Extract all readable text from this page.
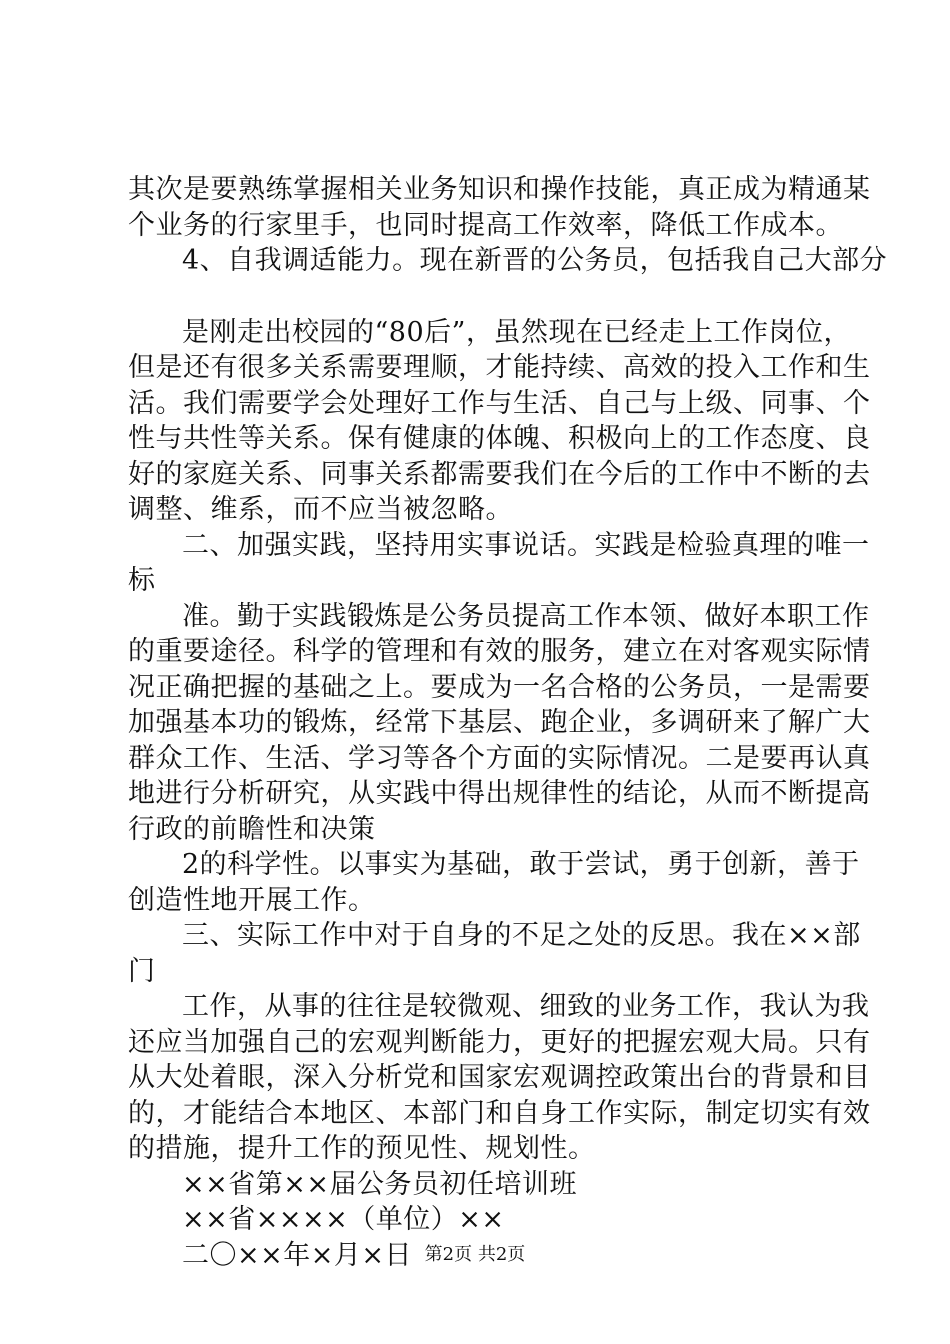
其次是要熟练掌握相关业务知识和操作技能，真正成为精通某
个业务的行家里手，也同时提高工作效率，降低工作成本。
4、自我调适能力。现在新晋的公务员，包括我自己大部分
是刚走出校园的“80后”，虽然现在已经走上工作岗位，
但是还有很多关系需要理顺，才能持续、高效的投入工作和生
活。我们需要学会处理好工作与生活、自己与上级、同事、个
性与共性等关系。保有健康的体魄、积极向上的工作态度、良
好的家庭关系、同事关系都需要我们在今后的工作中不断的去
调整、维系，而不应当被忽略。
二、加强实践，坚持用实事说话。实践是检验真理的唯一
标
准。勤于实践锻炼是公务员提高工作本领、做好本职工作
的重要途径。科学的管理和有效的服务，建立在对客观实际情
况正确把握的基础之上。要成为一名合格的公务员，一是需要
加强基本功的锻炼，经常下基层、跑企业，多调研来了解广大
群众工作、生活、学习等各个方面的实际情况。二是要再认真
地进行分析研究，从实践中得出规律性的结论，从而不断提高
行政的前瞻性和决策
2的科学性。以事实为基础，敢于尝试，勇于创新，善于
创造性地开展工作。
三、实际工作中对于自身的不足之处的反思。我在××部
门
工作，从事的往往是较微观、细致的业务工作，我认为我
还应当加强自己的宏观判断能力，更好的把握宏观大局。只有
从大处着眼，深入分析党和国家宏观调控政策出台的背景和目
的，才能结合本地区、本部门和自身工作实际，制定切实有效
的措施，提升工作的预见性、规划性。
××省第××届公务员初任培训班
××省××××（单位）××
二〇××年×月×日 第2页 共2页
